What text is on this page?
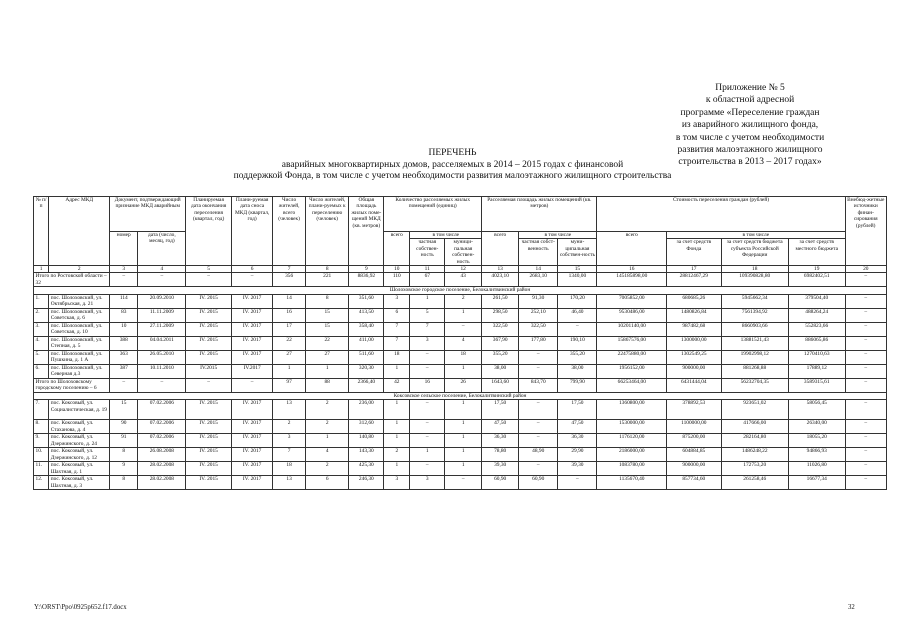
Приложение № 5
к областной адресной
программе «Переселение граждан
из аварийного жилищного фонда,
в том числе с учетом необходимости
развития малоэтажного жилищного
строительства в 2013 – 2017 годах»
ПЕРЕЧЕНЬ
аварийных многоквартирных домов, расселяемых в 2014 – 2015 годах с финансовой
поддержкой Фонда, в том числе с учетом необходимости развития малоэтажного жилищного строительства
№ п/п	Адрес МКД	Документ, подтверждающий признание МКД аварийным		Планируемая дата окончания переселения (квартал, год)	Плани-руемая дата сноса МКД (квартал, год)	Число жителей, всего (человек)	Число жителей, плани-руемых к переселению (человек)	Общая площадь жилых поме-щений МКД (кв. метров)	Количество расселяемых жилых помещений (единиц)			Расселяемая площадь жилых помещений (кв. метров)			Стоимость переселения граждан (рублей)				Внебюд-жетные источники финан-сирования (рублей)
		номер	дата (число, месяц, год)						всего	в том числе		всего	в том числе		всего	в том числе			
										частная собствен-ность	муници-пальная собствен-ность		частная собст-венность	муни-ципальная собствен-ность		за счет средств Фонда	за счет средств бюджета субъекта Российской Федерации	за счет средств местного бюджета	
1	2	3	4	5	6	7	8	9	10	11	12	13	14	15	16	17	18	19	20
Итого по Ростовской области – 32		–	–	–	–	356	221	8836,92	110	67	43	4023,10	2683,10	1340,00	145185898,00	28812467,29	109390828,80	6982402,51	–
Шолоховское городское поселение, Белокалитвинский район																			
1.	пос. Шолоховский, ул. Октябрьская, д. 21	114	20.09.2010	IV. 2015	IV. 2017	14	8	351,60	3	1	2	261,50	91,30	170,20	7005852,00	680685,26	5945662,34	379504,40	–
2.	пос. Шолоховский, ул. Советская, д. 6	83	11.11.2009	IV. 2015	IV. 2017	16	15	413,50	6	5	1	298,50	252,10	46,40	9530486,00	1480826,84	7561394,92	488264,24	–
3.	пос. Шолоховский, ул. Советская, д. 10	10	27.11.2009	IV. 2015	IV. 2017	17	15	358,40	7	7	–	322,50	322,50	–	10201140,00	987482,68	8660903,66	552823,66	–
4.	пос. Шолоховский, ул. Степная, д. 5	388	04.04.2011	IV. 2015	IV. 2017	22	22	411,00	7	3	4	367,90	177,80	190,10	15867576,00	1300000,00	13881521,43	886065,86	–
5.	пос. Шолоховский, ул. Пушкина, д. 1 А	363	26.05.2010	IV. 2015	IV. 2017	27	27	511,60	18	–	18	355,20	–	355,20	22475880,00	1302549,25	19902998,12	1270410,63	–
6.	пос. Шолоховский, ул. Северная д.3	387	10.11.2010	IV.2015	IV.2017	1	1	320,30	1	–	1	38,00	–	38,00	1956152,00	900000,00	881268,88	17889,12	–
Итого по Шолоховскому городскому поселению – 6		–	–	–	–	97	88	2366,40	42	16	26	1643,60	843,70	799,90	66253464,00	6431444,04	56232704,35	3589315,61	–
Коксовское сельское поселение, Белокалитвинский район																			
7.	пос. Коксовый, ул. Социалистическая, д. 19	15	07.02.2006	IV. 2015	IV. 2017	13	2	236,00	1	–	1	17,50	–	17,50	1360800,00	378892,53	923651,02	58056,45	–
8.	пос. Коксовый, ул. Стаханова, д. 4	90	07.02.2006	IV. 2015	IV. 2017	2	2	312,60	1	–	1	47,50	–	47,50	1530000,00	1100000,00	417666,00	26340,00	–
9.	пос. Коксовый, ул. Дзержинского, д. 24	91	07.02.2006	IV. 2015	IV. 2017	3	1	140,80	1	–	1	36,30	–	36,30	1176120,00	875200,00	282164,80	18055,20	–
10.	пос. Коксовый, ул. Дзержинского, д. 12	8	26.08.2008	IV. 2015	IV. 2017	7	4	143,30	2	1	1	78,80	48,90	29,90	2186000,00	604884,85	1486248,22	94866,93	–
11.	пос. Коксовый, ул. Шахтная, д. 1	9	28.02.2008	IV. 2015	IV. 2017	18	2	425,30	1	–	1	39,30	–	39,30	1083780,00	900000,00	172753,20	11026,80	–
12.	пос. Коксовый, ул. Шахтная, д. 3	8	28.02.2008	IV. 2015	IV. 2017	13	6	246,30	3	3	–	60,90	60,90	–	1135670,40	857734,60	261258,46	16677,34	–
Y:\ORST\Ppo\0925p652.f17.docx	32
